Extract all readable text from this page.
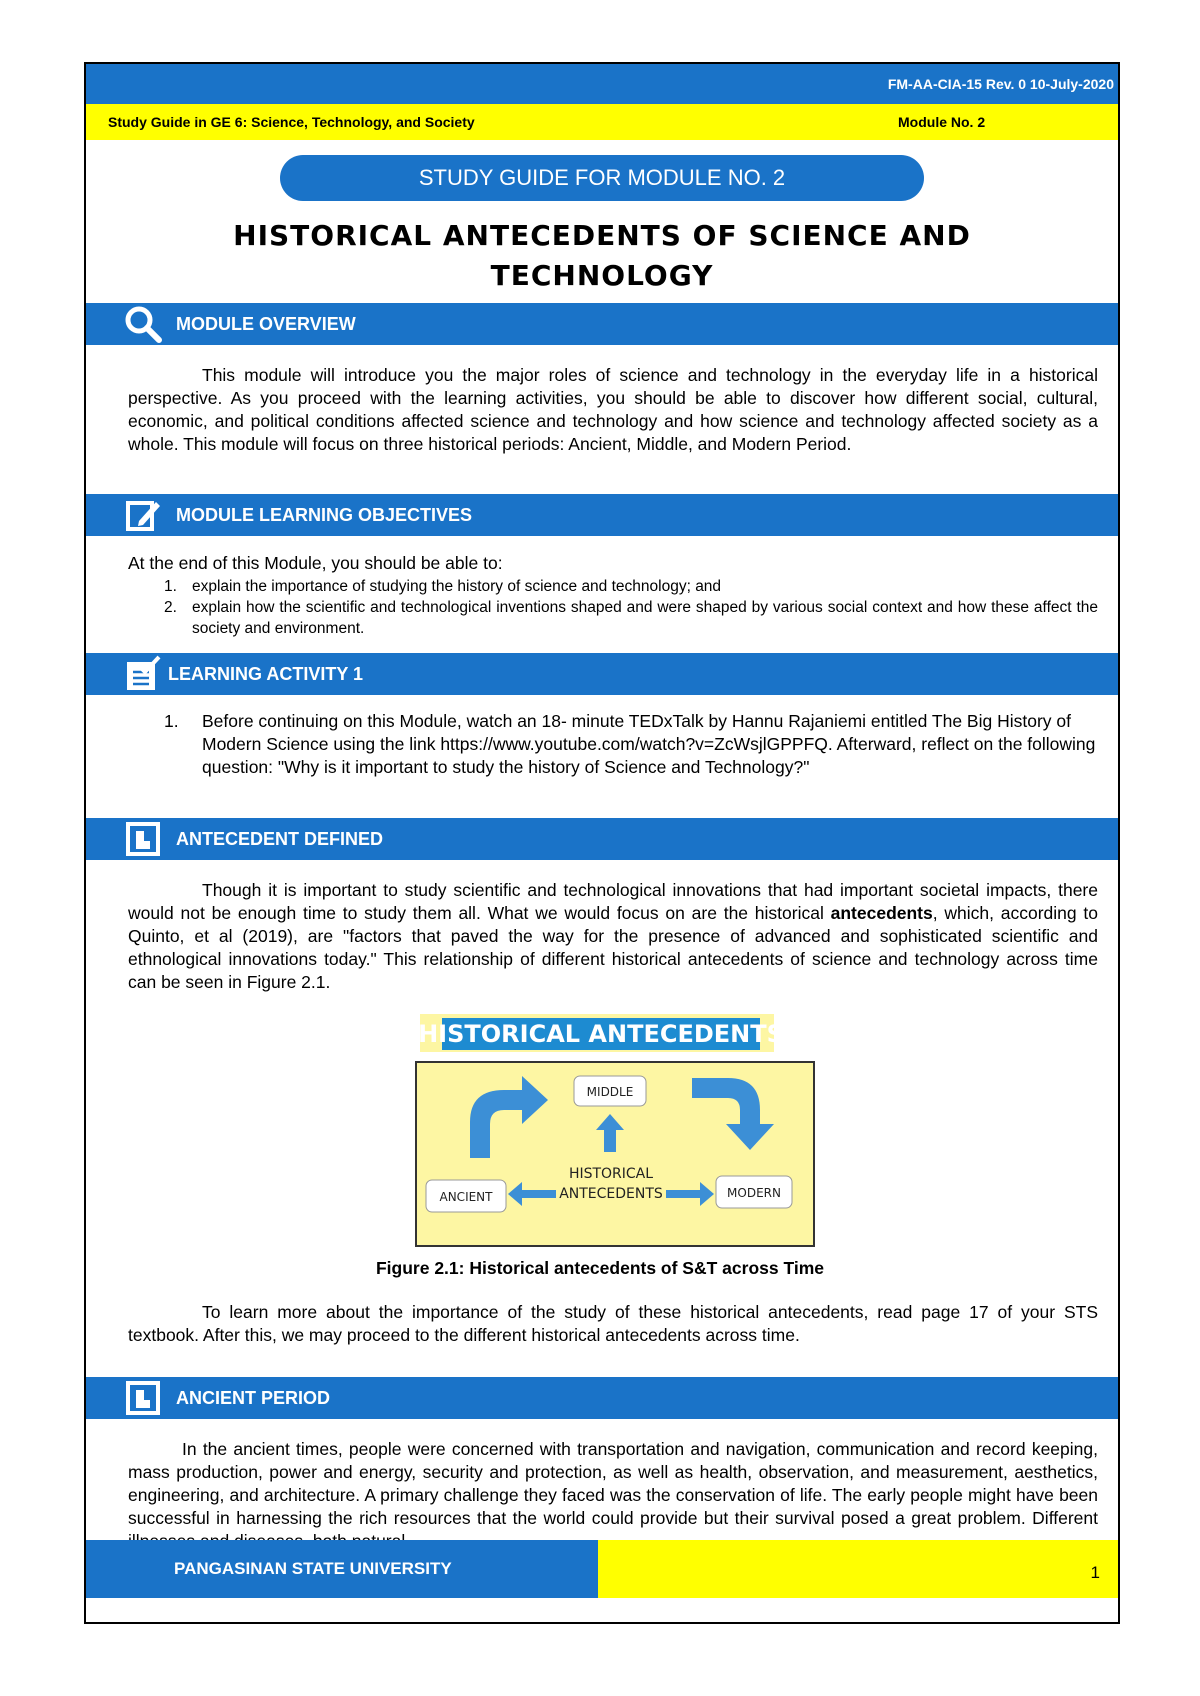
FM-AA-CIA-15 Rev. 0 10-July-2020
Study Guide in GE 6: Science, Technology, and Society	Module No. 2
STUDY GUIDE FOR MODULE NO. 2
HISTORICAL ANTECEDENTS OF SCIENCE AND
TECHNOLOGY
MODULE OVERVIEW

This module will introduce you the major roles of science and technology in the everyday life in a historical perspective. As you proceed with the learning activities, you should be able to discover how different social, cultural, economic, and political conditions affected science and technology and how science and technology affected society as a whole. This module will focus on three historical periods: Ancient, Middle, and Modern Period.

MODULE LEARNING OBJECTIVES
At the end of this Module, you should be able to:
1. explain the importance of studying the history of science and technology; and
2. explain how the scientific and technological inventions shaped and were shaped by various social context and how these affect the society and environment.
LEARNING ACTIVITY 1
1.	Before continuing on this Module, watch an 18- minute TEDxTalk by Hannu Rajaniemi entitled The Big History of Modern Science using the link https://www.youtube.com/watch?v=ZcWsjlGPPFQ. Afterward, reflect on the following question: "Why is it important to study the history of Science and Technology?"
ANTECEDENT DEFINED

Though it is important to study scientific and technological innovations that had important societal impacts, there would not be enough time to study them all. What we would focus on are the historical antecedents, which, according to Quinto, et al (2019), are "factors that paved the way for the presence of advanced and sophisticated scientific and ethnological innovations today." This relationship of different historical antecedents of science and technology across time can be seen in Figure 2.1.

HISTORICAL ANTECEDENTS
MIDDLE
ANCIENT	MODERN
HISTORICAL
ANTECEDENTS
Figure 2.1: Historical antecedents of S&T across Time

To learn more about the importance of the study of these historical antecedents, read page 17 of your STS textbook. After this, we may proceed to the different historical antecedents across time.

ANCIENT PERIOD

In the ancient times, people were concerned with transportation and navigation, communication and record keeping, mass production, power and energy, security and protection, as well as health, observation, and measurement, aesthetics, engineering, and architecture. A primary challenge they faced was the conservation of life. The early people might have been successful in harnessing the rich resources that the world could provide but their survival posed a great problem. Different

PANGASINAN STATE UNIVERSITY	1
